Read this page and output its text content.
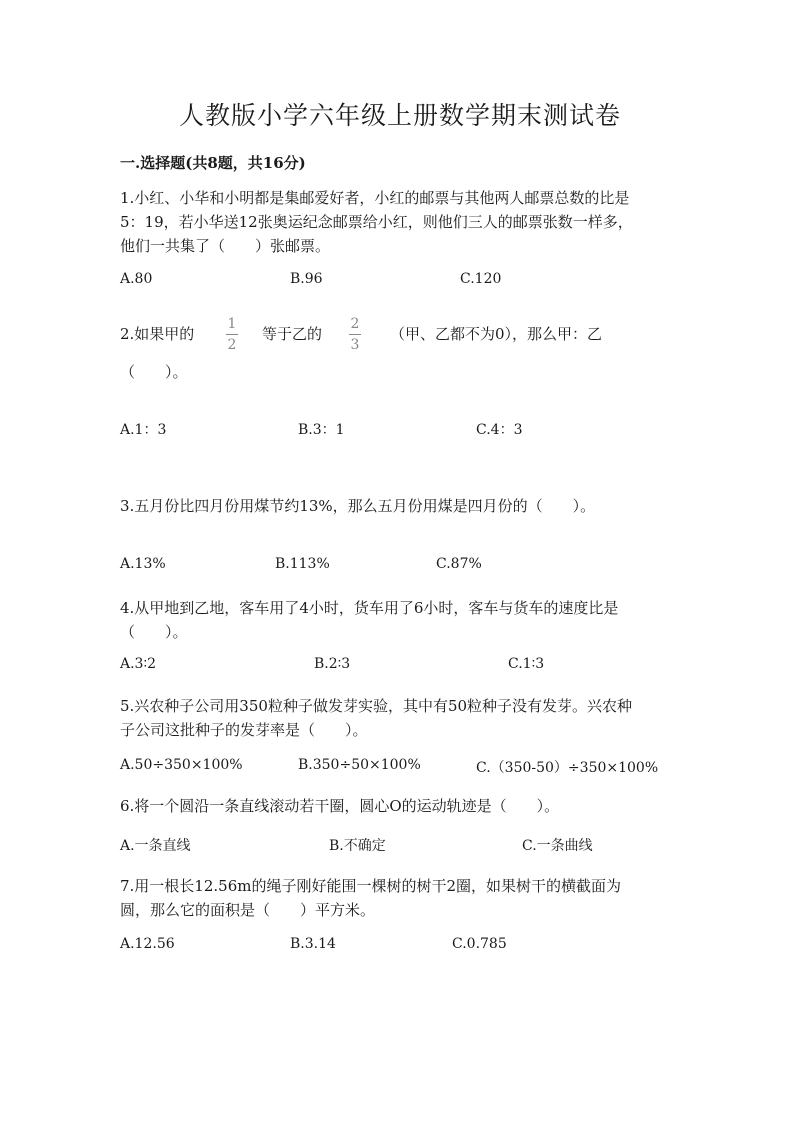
人教版小学六年级上册数学期末测试卷
一.选择题(共8题，共16分)
1.小红、小华和小明都是集邮爱好者，小红的邮票与其他两人邮票总数的比是
5：19，若小华送12张奥运纪念邮票给小红，则他们三人的邮票张数一样多，
他们一共集了（　　）张邮票。
A.80	B.96	C.120
2.如果甲的
1
2
等于乙的
2
3
（甲、乙都不为0），那么甲：乙
（　　）。
A.1：3	B.3：1	C.4：3
3.五月份比四月份用煤节约13%，那么五月份用煤是四月份的（　　）。
A.13%	B.113%	C.87%
4.从甲地到乙地，客车用了4小时，货车用了6小时，客车与货车的速度比是
（　　）。
A.3∶2	B.2∶3	C.1∶3
5.兴农种子公司用350粒种子做发芽实验，其中有50粒种子没有发芽。兴农种
子公司这批种子的发芽率是（　　）。
A.50÷350×100%	B.350÷50×100%	C.（350-50）÷350×100%
6.将一个圆沿一条直线滚动若干圈，圆心O的运动轨迹是（　　）。
A.一条直线	B.不确定	C.一条曲线
7.用一根长12.56m的绳子刚好能围一棵树的树干2圈，如果树干的横截面为
圆，那么它的面积是（　　）平方米。
A.12.56	B.3.14	C.0.785
